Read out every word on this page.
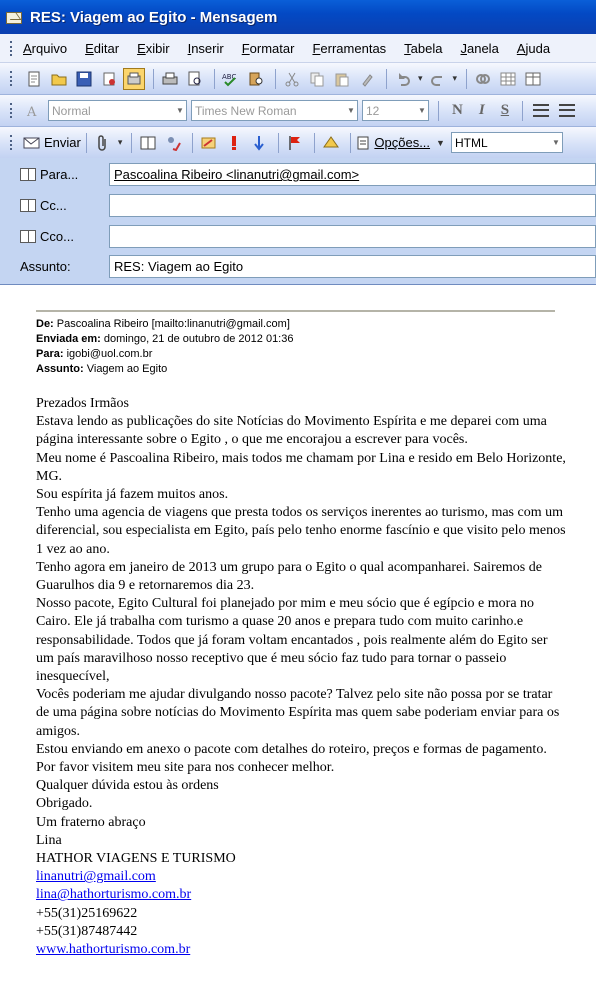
RES: Viagem ao Egito - Mensagem
Arquivo Editar Exibir Inserir Formatar Ferramentas Tabela Janela Ajuda
ABC	▾	▾
A Normal	▼ Times New Roman	▼ 12	▼ N I S
Enviar	▾	Opções... ▼ HTML	▼
Para...	Pascoalina Ribeiro <linanutri@gmail.com>
Cc...
Cco...
Assunto:	RES: Viagem ao Egito
De: Pascoalina Ribeiro [mailto:linanutri@gmail.com]
Enviada em: domingo, 21 de outubro de 2012 01:36
Para: igobi@uol.com.br
Assunto: Viagem ao Egito

Prezados Irmãos

Estava lendo as publicações do site Notícias do Movimento Espírita e me deparei com uma página interessante sobre o Egito , o que me encorajou a escrever para vocês.

Meu nome é Pascoalina Ribeiro, mais todos me chamam por Lina e resido em Belo Horizonte, MG.

Sou espírita já fazem muitos anos.

Tenho uma agencia de viagens que presta todos os serviços inerentes ao turismo, mas com um diferencial, sou especialista em Egito, país pelo tenho enorme fascínio e que visito pelo menos 1 vez ao ano.

Tenho agora em janeiro de 2013 um grupo para o Egito o qual acompanharei. Sairemos de Guarulhos dia 9 e retornaremos dia 23.

Nosso pacote, Egito Cultural foi planejado por mim e meu sócio que é egípcio e mora no Cairo. Ele já trabalha com turismo a quase 20 anos e prepara tudo com muito carinho.e responsabilidade. Todos que já foram voltam encantados , pois realmente além do Egito ser um país maravilhoso nosso receptivo que é meu sócio faz tudo para tornar o passeio inesquecível,

Vocês poderiam me ajudar divulgando nosso pacote? Talvez pelo site não possa por se tratar de uma página sobre notícias do Movimento Espírita mas quem sabe poderiam enviar para os amigos.

Estou enviando em anexo o pacote com detalhes do roteiro, preços e formas de pagamento.

Por favor visitem meu site para nos conhecer melhor.

Qualquer dúvida estou às ordens

Obrigado.

Um fraterno abraço

Lina

HATHOR VIAGENS E TURISMO

linanutri@gmail.com

lina@hathorturismo.com.br

+55(31)25169622

+55(31)87487442

www.hathorturismo.com.br
